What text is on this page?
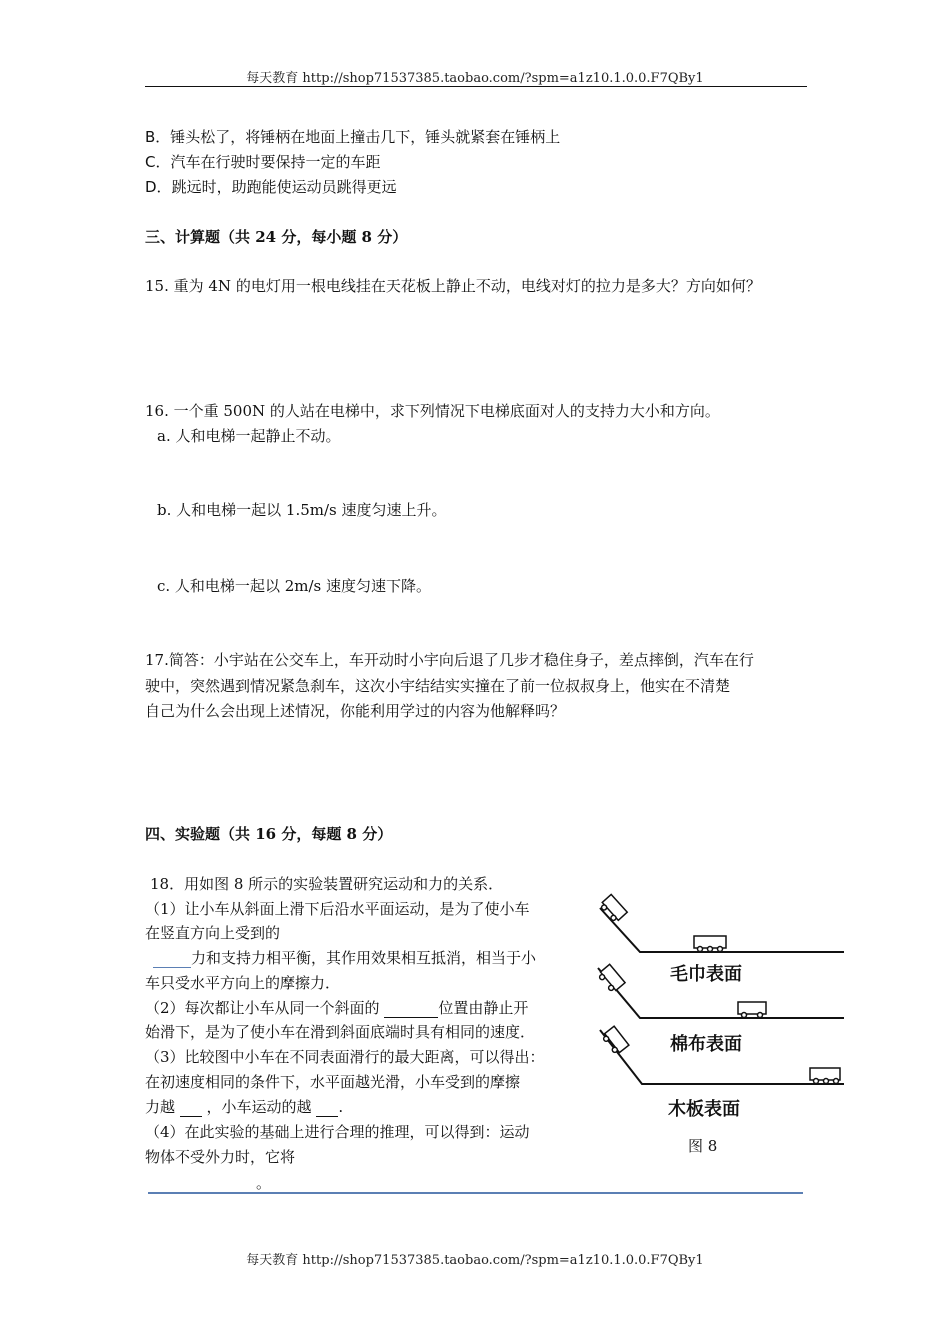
每天教育 http://shop71537385.taobao.com/?spm=a1z10.1.0.0.F7QBy1
B．锤头松了，将锤柄在地面上撞击几下，锤头就紧套在锤柄上
C．汽车在行驶时要保持一定的车距
D．跳远时，助跑能使运动员跳得更远
三、计算题（共 24 分，每小题 8 分）
15. 重为 4N 的电灯用一根电线挂在天花板上静止不动，电线对灯的拉力是多大？方向如何？
16. 一个重 500N 的人站在电梯中，求下列情况下电梯底面对人的支持力大小和方向。
a. 人和电梯一起静止不动。
b. 人和电梯一起以 1.5m/s 速度匀速上升。
c. 人和电梯一起以 2m/s 速度匀速下降。
17.简答：小宇站在公交车上，车开动时小宇向后退了几步才稳住身子，差点摔倒，汽车在行
驶中，突然遇到情况紧急刹车，这次小宇结结实实撞在了前一位叔叔身上，他实在不清楚
自己为什么会出现上述情况，你能利用学过的内容为他解释吗？
四、实验题（共 16 分，每题 8 分）
18．用如图 8 所示的实验装置研究运动和力的关系．
（1）让小车从斜面上滑下后沿水平面运动，是为了使小车
在竖直方向上受到的
力和支持力相平衡，其作用效果相互抵消，相当于小
车只受水平方向上的摩擦力．
（2）每次都让小车从同一个斜面的	位置由静止开
始滑下，是为了使小车在滑到斜面底端时具有相同的速度．
（3）比较图中小车在不同表面滑行的最大距离，可以得出：
在初速度相同的条件下，水平面越光滑，小车受到的摩擦
力越  ，小车运动的越 .
（4）在此实验的基础上进行合理的推理，可以得到：运动
物体不受外力时，它将
。
毛巾表面
棉布表面
木板表面
图 8
每天教育 http://shop71537385.taobao.com/?spm=a1z10.1.0.0.F7QBy1
